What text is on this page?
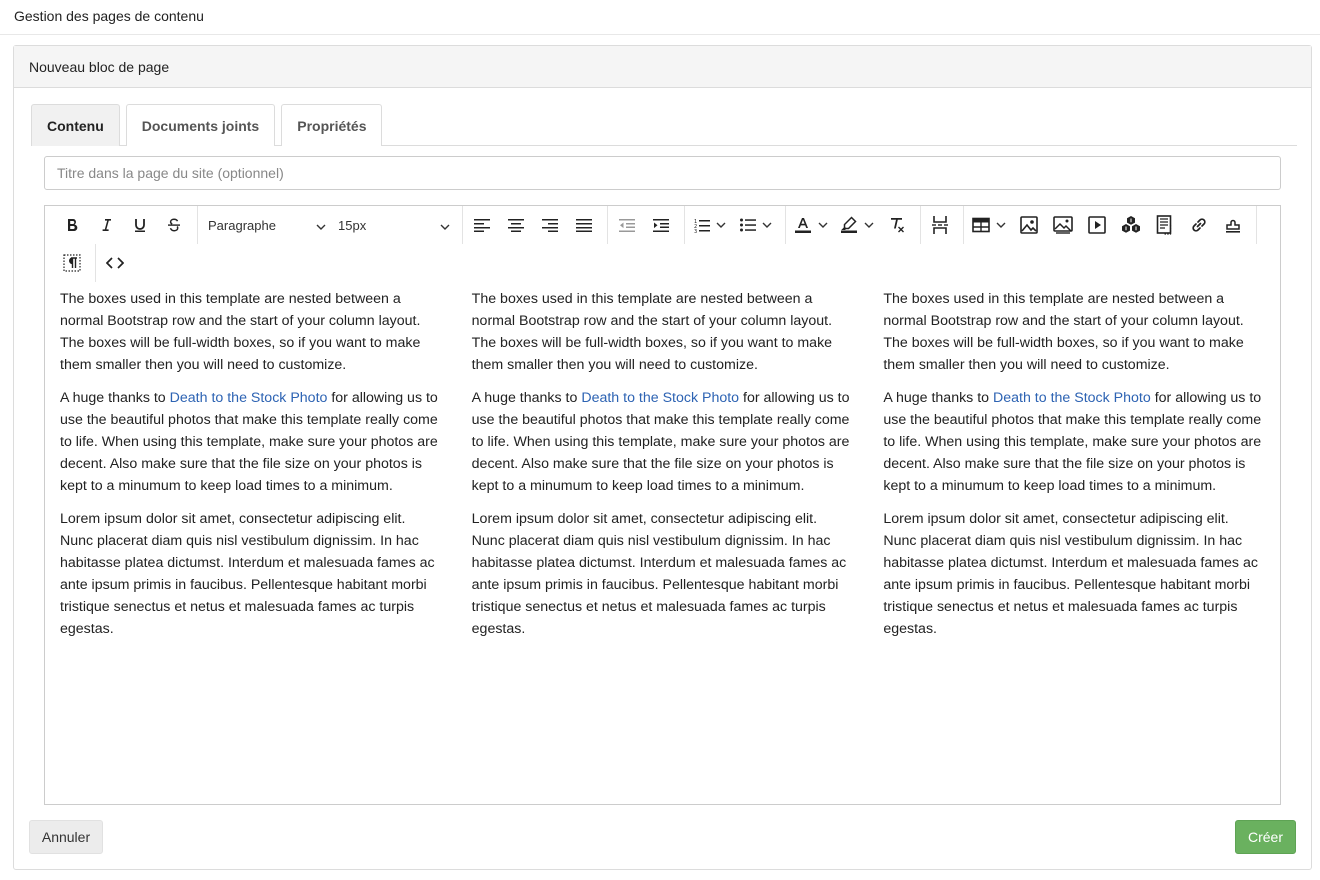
Gestion des pages de contenu
Nouveau bloc de page
Contenu	Documents joints	Propriétés
Titre dans la page du site (optionnel)
Paragraphe	15px	1
2
3

The boxes used in this template are nested between a normal Bootstrap row and the start of your column layout. The boxes will be full-width boxes, so if you want to make them smaller then you will need to customize.

A huge thanks to Death to the Stock Photo for allowing us to use the beautiful photos that make this template really come to life. When using this template, make sure your photos are decent. Also make sure that the file size on your photos is kept to a minumum to keep load times to a minimum.

Lorem ipsum dolor sit amet, consectetur adipiscing elit. Nunc placerat diam quis nisl vestibulum dignissim. In hac habitasse platea dictumst. Interdum et malesuada fames ac ante ipsum primis in faucibus. Pellentesque habitant morbi tristique senectus et netus et malesuada fames ac turpis egestas.

The boxes used in this template are nested between a normal Bootstrap row and the start of your column layout. The boxes will be full-width boxes, so if you want to make them smaller then you will need to customize.

A huge thanks to Death to the Stock Photo for allowing us to use the beautiful photos that make this template really come to life. When using this template, make sure your photos are decent. Also make sure that the file size on your photos is kept to a minumum to keep load times to a minimum.

Lorem ipsum dolor sit amet, consectetur adipiscing elit. Nunc placerat diam quis nisl vestibulum dignissim. In hac habitasse platea dictumst. Interdum et malesuada fames ac ante ipsum primis in faucibus. Pellentesque habitant morbi tristique senectus et netus et malesuada fames ac turpis egestas.

The boxes used in this template are nested between a normal Bootstrap row and the start of your column layout. The boxes will be full-width boxes, so if you want to make them smaller then you will need to customize.

A huge thanks to Death to the Stock Photo for allowing us to use the beautiful photos that make this template really come to life. When using this template, make sure your photos are decent. Also make sure that the file size on your photos is kept to a minumum to keep load times to a minimum.

Lorem ipsum dolor sit amet, consectetur adipiscing elit. Nunc placerat diam quis nisl vestibulum dignissim. In hac habitasse platea dictumst. Interdum et malesuada fames ac ante ipsum primis in faucibus. Pellentesque habitant morbi tristique senectus et netus et malesuada fames ac turpis egestas.

Annuler	Créer
